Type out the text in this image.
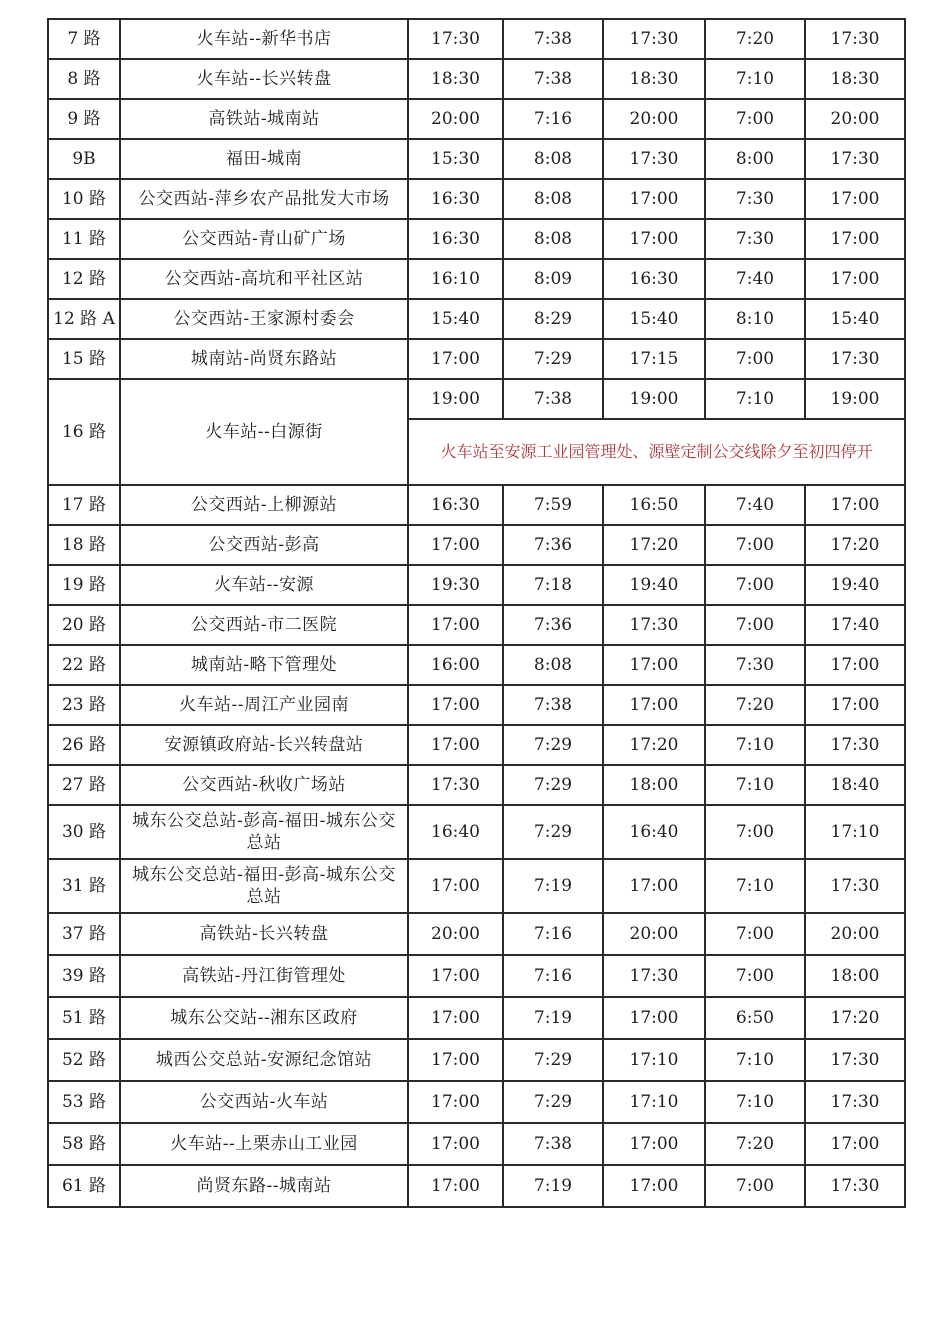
7 路	火车站--新华书店	17:30	7:38	17:30	7:20	17:30
8 路	火车站--长兴转盘	18:30	7:38	18:30	7:10	18:30
9 路	高铁站-城南站	20:00	7:16	20:00	7:00	20:00
9B	福田-城南	15:30	8:08	17:30	8:00	17:30
10 路	公交西站-萍乡农产品批发大市场	16:30	8:08	17:00	7:30	17:00
11 路	公交西站-青山矿广场	16:30	8:08	17:00	7:30	17:00
12 路	公交西站-高坑和平社区站	16:10	8:09	16:30	7:40	17:00
12 路 A	公交西站-王家源村委会	15:40	8:29	15:40	8:10	15:40
15 路	城南站-尚贤东路站	17:00	7:29	17:15	7:00	17:30
16 路	火车站--白源街	19:00	7:38	19:00	7:10	19:00
		火车站至安源工业园管理处、源壁定制公交线除夕至初四停开				
17 路	公交西站-上柳源站	16:30	7:59	16:50	7:40	17:00
18 路	公交西站-彭高	17:00	7:36	17:20	7:00	17:20
19 路	火车站--安源	19:30	7:18	19:40	7:00	19:40
20 路	公交西站-市二医院	17:00	7:36	17:30	7:00	17:40
22 路	城南站-略下管理处	16:00	8:08	17:00	7:30	17:00
23 路	火车站--周江产业园南	17:00	7:38	17:00	7:20	17:00
26 路	安源镇政府站-长兴转盘站	17:00	7:29	17:20	7:10	17:30
27 路	公交西站-秋收广场站	17:30	7:29	18:00	7:10	18:40
30 路	城东公交总站-彭高-福田-城东公交总站	16:40	7:29	16:40	7:00	17:10
31 路	城东公交总站-福田-彭高-城东公交总站	17:00	7:19	17:00	7:10	17:30
37 路	高铁站-长兴转盘	20:00	7:16	20:00	7:00	20:00
39 路	高铁站-丹江街管理处	17:00	7:16	17:30	7:00	18:00
51 路	城东公交站--湘东区政府	17:00	7:19	17:00	6:50	17:20
52 路	城西公交总站-安源纪念馆站	17:00	7:29	17:10	7:10	17:30
53 路	公交西站-火车站	17:00	7:29	17:10	7:10	17:30
58 路	火车站--上栗赤山工业园	17:00	7:38	17:00	7:20	17:00
61 路	尚贤东路--城南站	17:00	7:19	17:00	7:00	17:30
